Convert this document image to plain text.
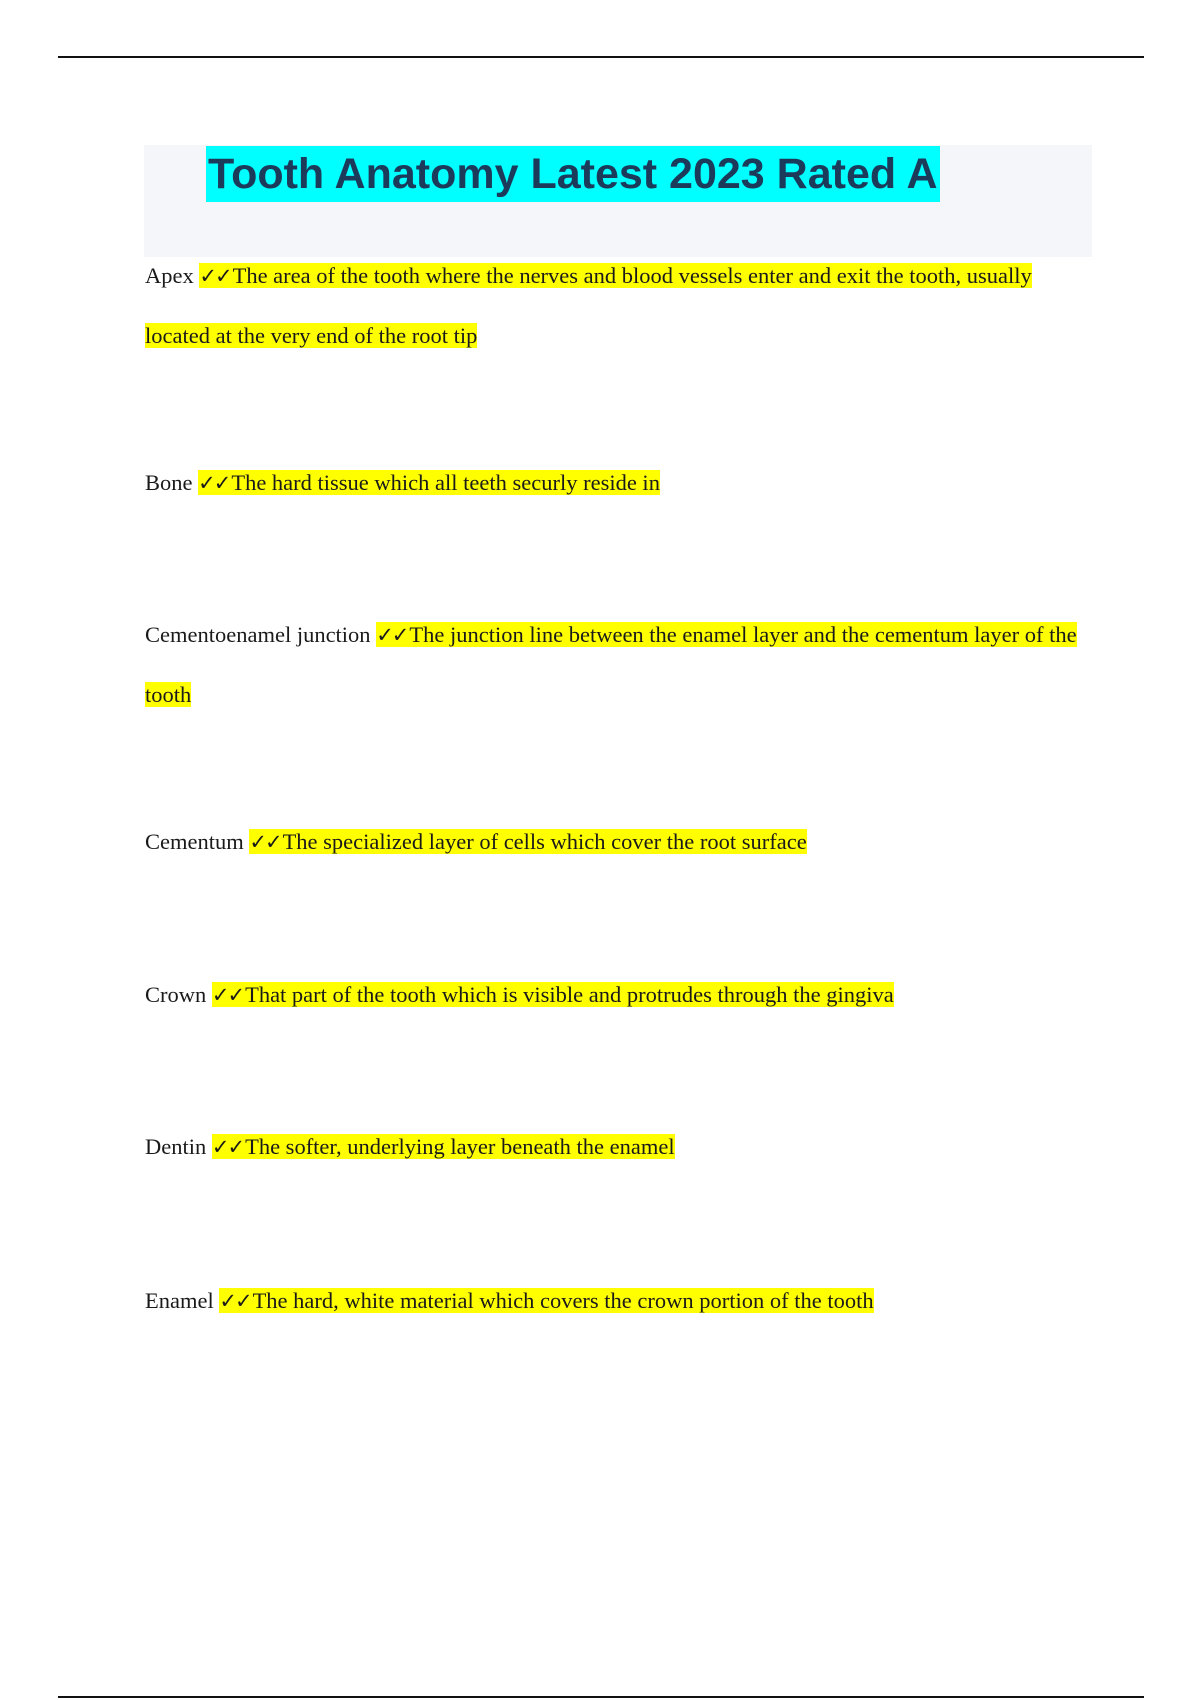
Tooth Anatomy Latest 2023 Rated A
Apex ✓✓The area of the tooth where the nerves and blood vessels enter and exit the tooth, usually located at the very end of the root tip
Bone ✓✓The hard tissue which all teeth securly reside in
Cementoenamel junction ✓✓The junction line between the enamel layer and the cementum layer of the tooth
Cementum ✓✓The specialized layer of cells which cover the root surface
Crown ✓✓That part of the tooth which is visible and protrudes through the gingiva
Dentin ✓✓The softer, underlying layer beneath the enamel
Enamel ✓✓The hard, white material which covers the crown portion of the tooth
